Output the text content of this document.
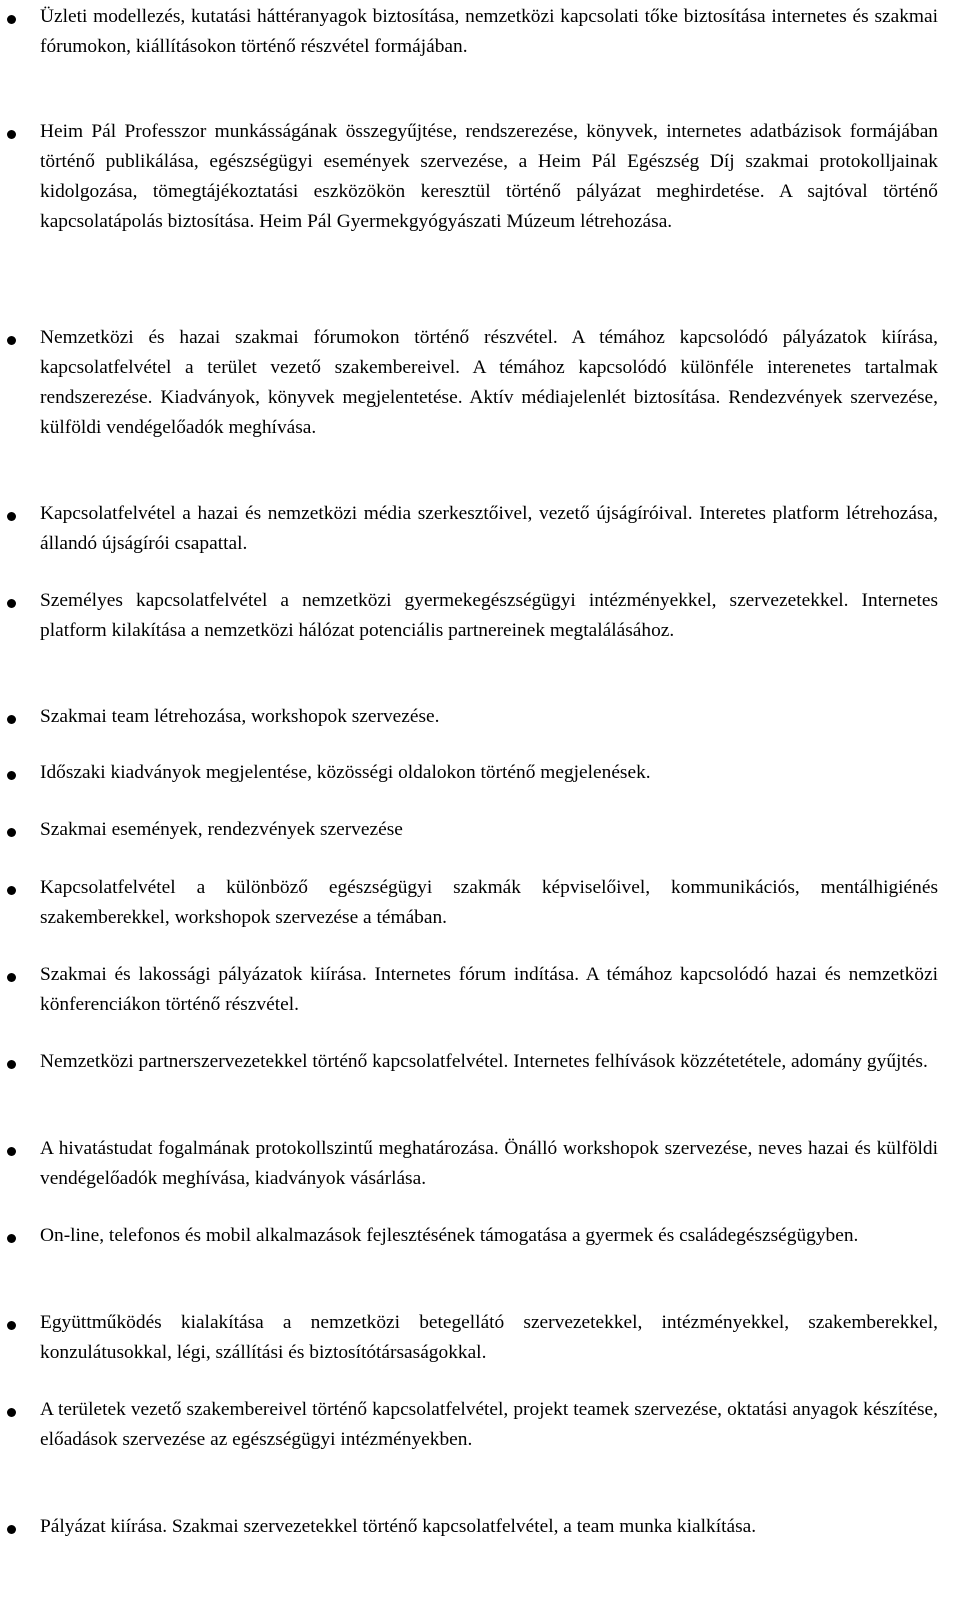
Üzleti modellezés, kutatási háttéranyagok biztosítása, nemzetközi kapcsolati tőke biztosítása internetes és szakmai fórumokon, kiállításokon történő részvétel formájában.

Heim Pál Professzor munkásságának összegyűjtése, rendszerezése, könyvek, internetes adatbázisok formájában történő publikálása, egészségügyi események szervezése, a Heim Pál Egészség Díj szakmai protokolljainak kidolgozása, tömegtájékoztatási eszközökön keresztül történő pályázat meghirdetése. A sajtóval történő kapcsolatápolás biztosítása. Heim Pál Gyermekgyógyászati Múzeum létrehozása.

Nemzetközi és hazai szakmai fórumokon történő részvétel. A témához kapcsolódó pályázatok kiírása, kapcsolatfelvétel a terület vezető szakembereivel. A témához kapcsolódó különféle interenetes tartalmak rendszerezése. Kiadványok, könyvek megjelentetése. Aktív médiajelenlét biztosítása. Rendezvények szervezése, külföldi vendégelőadók meghívása.

Kapcsolatfelvétel a hazai és nemzetközi média szerkesztőivel, vezető újságíróival. Interetes platform létrehozása, állandó újságírói csapattal.

Személyes kapcsolatfelvétel a nemzetközi gyermekegészségügyi intézményekkel, szervezetekkel. Internetes platform kilakítása a nemzetközi hálózat potenciális partnereinek megtalálásához.

Szakmai team létrehozása, workshopok szervezése.

Időszaki kiadványok megjelentése, közösségi oldalokon történő megjelenések.

Szakmai események, rendezvények szervezése

Kapcsolatfelvétel a különböző egészségügyi szakmák képviselőivel, kommunikációs, mentálhigiénés szakemberekkel, workshopok szervezése a témában.

Szakmai és lakossági pályázatok kiírása. Internetes fórum indítása. A témához kapcsolódó hazai és nemzetközi könferenciákon történő részvétel.

Nemzetközi partnerszervezetekkel történő kapcsolatfelvétel. Internetes felhívások közzétetétele, adomány gyűjtés.

A hivatástudat fogalmának protokollszintű meghatározása. Önálló workshopok szervezése, neves hazai és külföldi vendégelőadók meghívása, kiadványok vásárlása.

On-line, telefonos és mobil alkalmazások fejlesztésének támogatása a gyermek és családegészségügyben.

Együttműködés kialakítása a nemzetközi betegellátó szervezetekkel, intézményekkel, szakemberekkel, konzulátusokkal, légi, szállítási és biztosítótársaságokkal.

A területek vezető szakembereivel történő kapcsolatfelvétel, projekt teamek szervezése, oktatási anyagok készítése, előadások szervezése az egészségügyi intézményekben.

Pályázat kiírása. Szakmai szervezetekkel történő kapcsolatfelvétel, a team munka kialkítása.
